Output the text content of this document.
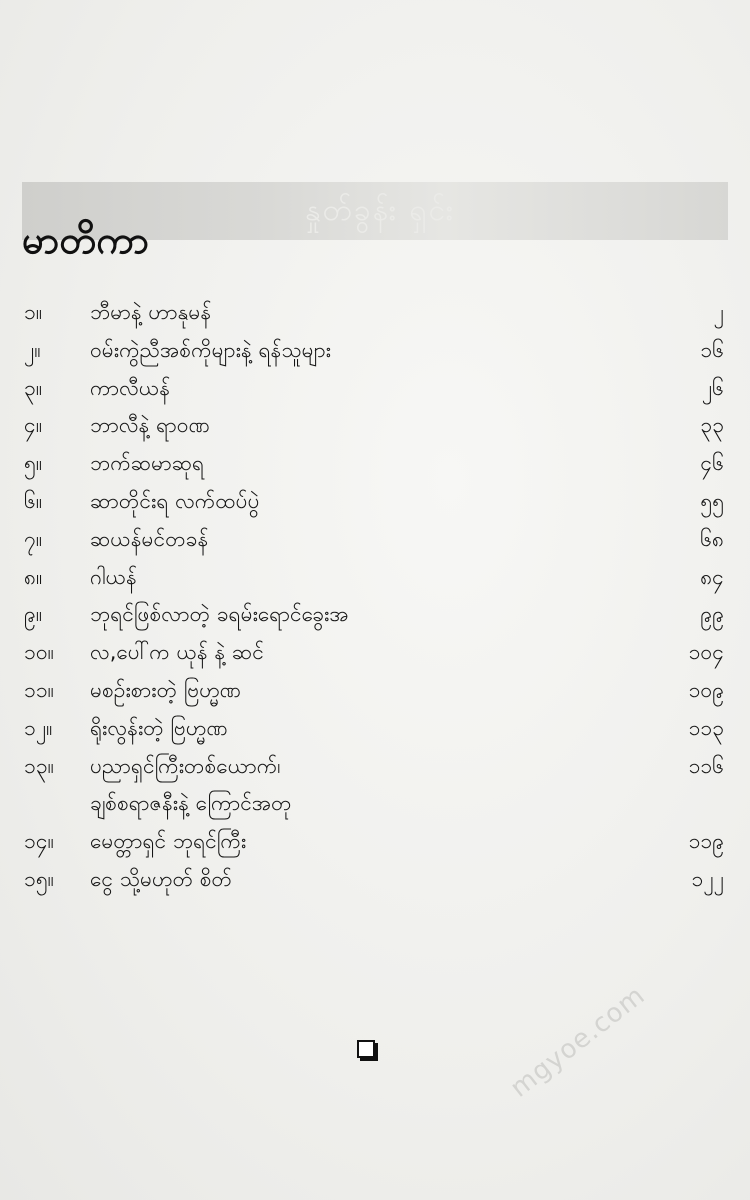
နှုတ်ခွန်း ရှင်း
မာတိကာ
၁။	ဘီမာနဲ့ ဟာနုမန်	၂
၂။	ဝမ်းကွဲညီအစ်ကိုများနဲ့ ရန်သူများ	၁၆
၃။	ကာလီယန်	၂၆
၄။	ဘာလီနဲ့ ရာဝဏ	၃၃
၅။	ဘက်ဆမာဆုရ	၄၆
၆။	ဆာတိုင်းရ လက်ထပ်ပွဲ	၅၅
၇။	ဆယန်မင်တခန်	၆၈
၈။	ဂါယန်	၈၄
၉။	ဘုရင်ဖြစ်လာတဲ့ ခရမ်းရောင်ခွေးအ	၉၉
၁၀။	လ,ပေါ်က ယုန် နဲ့ ဆင်	၁၀၄
၁၁။	မစဉ်းစားတဲ့ ဗြဟ္မဏ	၁၀၉
၁၂။	ရိုးလွန်းတဲ့ ဗြဟ္မဏ	၁၁၃
၁၃။	ပညာရှင်ကြီးတစ်ယောက်၊	၁၁၆
ချစ်စရာဇနီးနဲ့ ကြောင်အတု
၁၄။	မေတ္တာရှင် ဘုရင်ကြီး	၁၁၉
၁၅။	ငွေ သို့မဟုတ် စိတ်	၁၂၂
mgyoe.com
